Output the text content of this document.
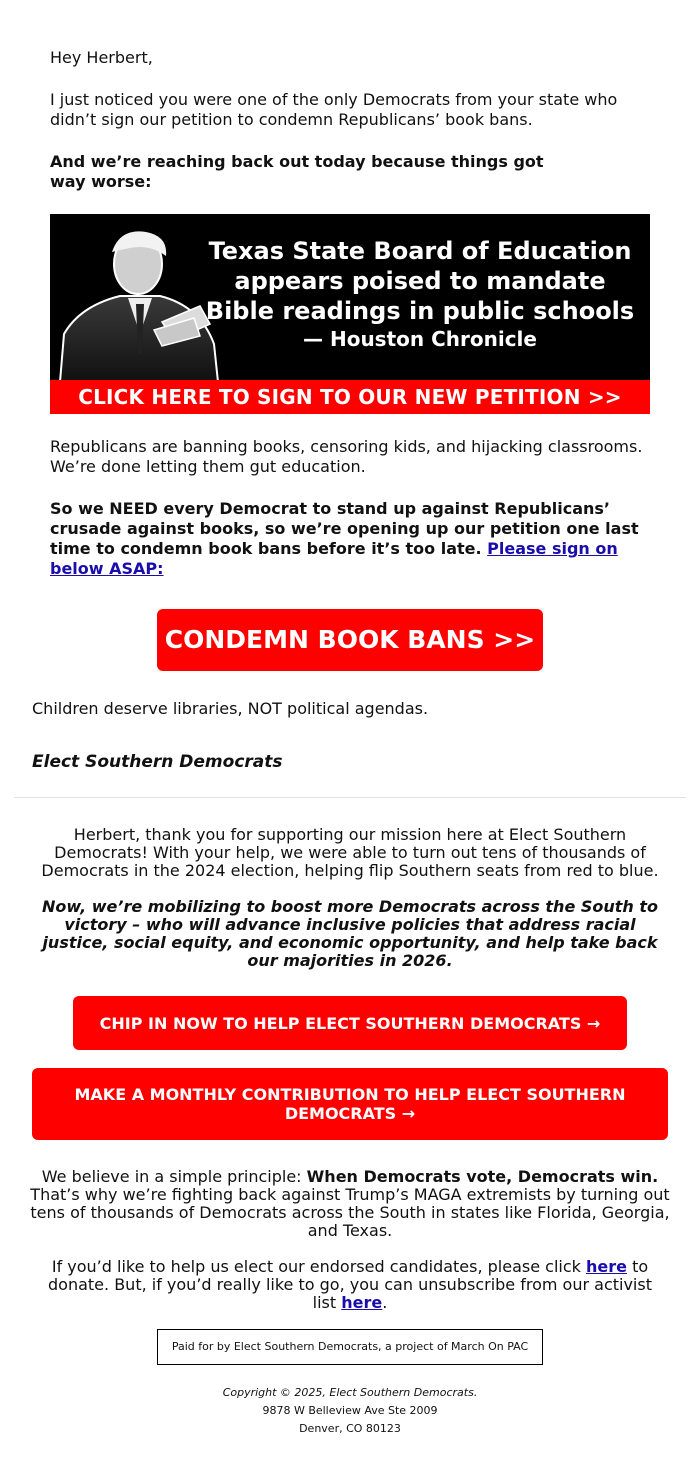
Hey Herbert,

I just noticed you were one of the only Democrats from your state who didn’t sign our petition to condemn Republicans’ book bans.

And we’re reaching back out today because things got way worse:

Texas State Board of Education appears poised to mandate Bible readings in public schools
— Houston Chronicle
CLICK HERE TO SIGN TO OUR NEW PETITION >>

Republicans are banning books, censoring kids, and hijacking classrooms. We’re done letting them gut education.

So we NEED every Democrat to stand up against Republicans’ crusade against books, so we’re opening up our petition one last time to condemn book bans before it’s too late. Please sign on below ASAP:

CONDEMN BOOK BANS >>

Children deserve libraries, NOT political agendas.

Elect Southern Democrats

Herbert, thank you for supporting our mission here at Elect Southern Democrats! With your help, we were able to turn out tens of thousands of Democrats in the 2024 election, helping flip Southern seats from red to blue.

Now, we’re mobilizing to boost more Democrats across the South to victory – who will advance inclusive policies that address racial justice, social equity, and economic opportunity, and help take back our majorities in 2026.

CHIP IN NOW TO HELP ELECT SOUTHERN DEMOCRATS →
MAKE A MONTHLY CONTRIBUTION TO HELP ELECT SOUTHERN DEMOCRATS →

We believe in a simple principle: When Democrats vote, Democrats win. That’s why we’re fighting back against Trump’s MAGA extremists by turning out tens of thousands of Democrats across the South in states like Florida, Georgia, and Texas.

If you’d like to help us elect our endorsed candidates, please click here to donate. But, if you’d really like to go, you can unsubscribe from our activist list here.

Paid for by Elect Southern Democrats, a project of March On PAC
Copyright © 2025, Elect Southern Democrats.
9878 W Belleview Ave Ste 2009
Denver, CO 80123
